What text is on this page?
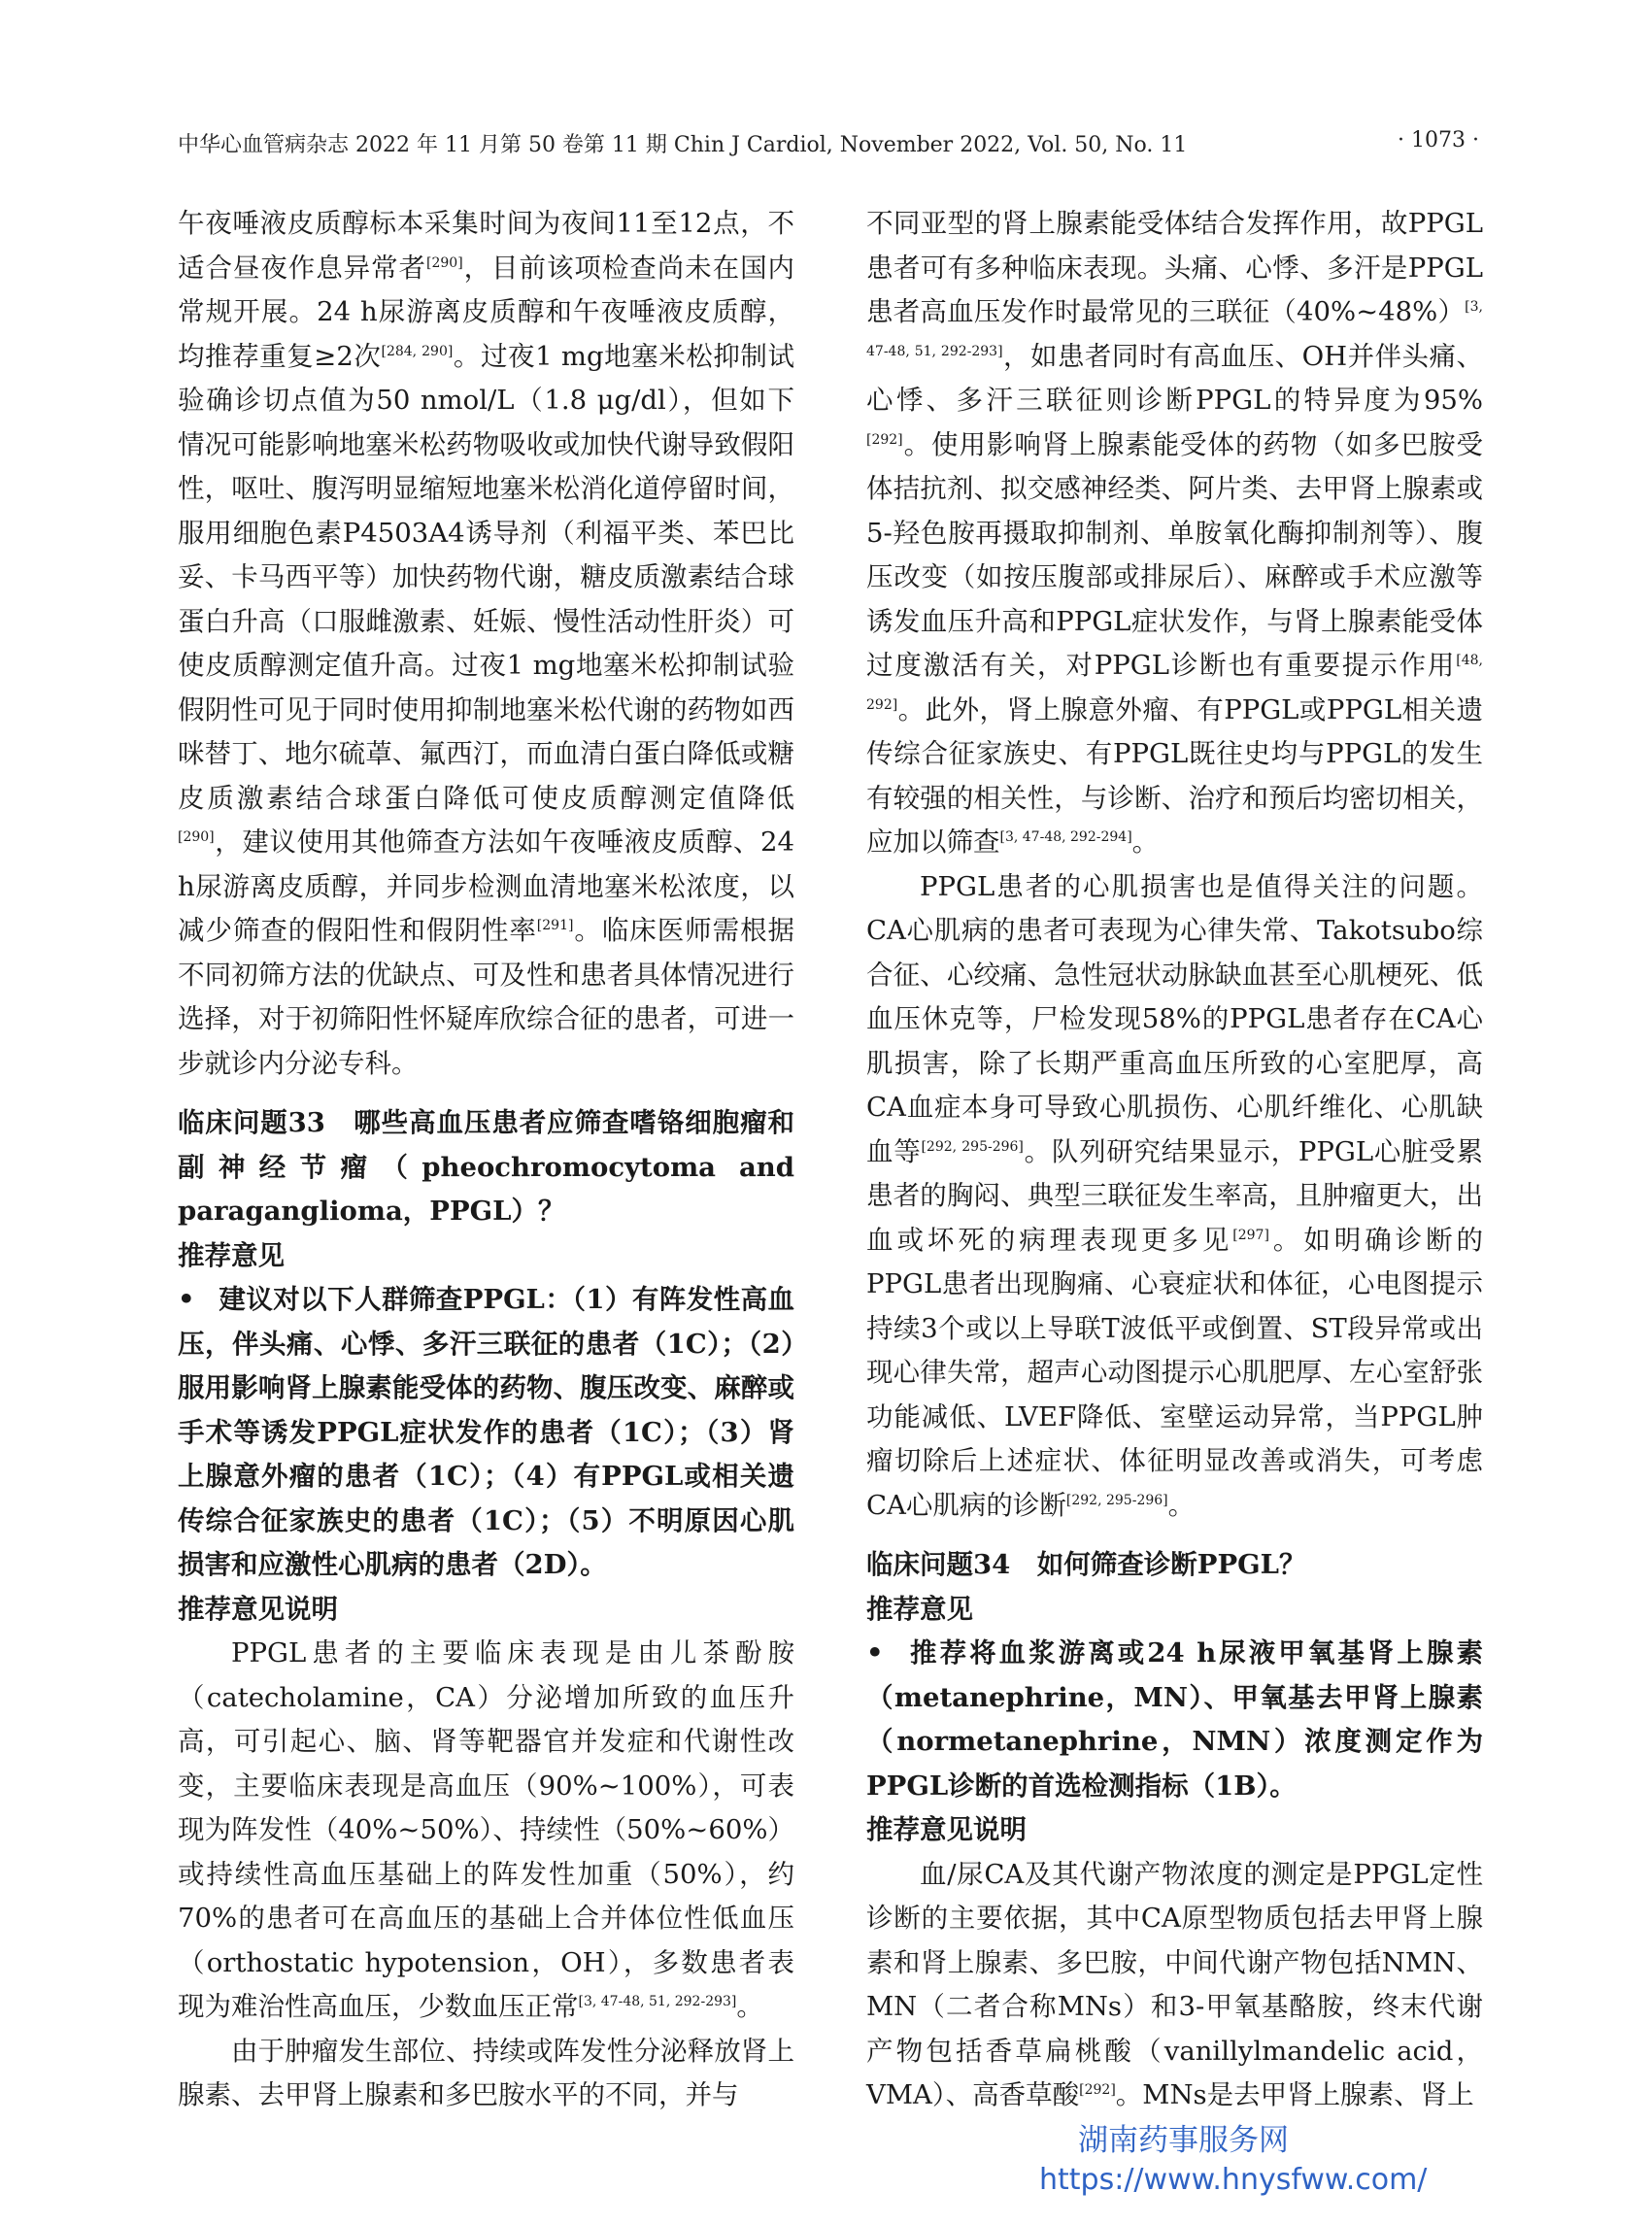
中华心血管病杂志 2022 年 11 月第 50 卷第 11 期 Chin J Cardiol, November 2022, Vol. 50, No. 11	· 1073 ·

午夜唾液皮质醇标本采集时间为夜间11至12点，不适合昼夜作息异常者[290]，目前该项检查尚未在国内常规开展。24 h尿游离皮质醇和午夜唾液皮质醇，均推荐重复≥2次[284, 290]。过夜1 mg地塞米松抑制试验确诊切点值为50 nmol/L（1.8 μg/dl），但如下情况可能影响地塞米松药物吸收或加快代谢导致假阳性，呕吐、腹泻明显缩短地塞米松消化道停留时间，服用细胞色素P4503A4诱导剂（利福平类、苯巴比妥、卡马西平等）加快药物代谢，糖皮质激素结合球蛋白升高（口服雌激素、妊娠、慢性活动性肝炎）可使皮质醇测定值升高。过夜1 mg地塞米松抑制试验假阴性可见于同时使用抑制地塞米松代谢的药物如西咪替丁、地尔硫䓬、氟西汀，而血清白蛋白降低或糖皮质激素结合球蛋白降低可使皮质醇测定值降低[290]，建议使用其他筛查方法如午夜唾液皮质醇、24 h尿游离皮质醇，并同步检测血清地塞米松浓度，以减少筛查的假阳性和假阴性率[291]。临床医师需根据不同初筛方法的优缺点、可及性和患者具体情况进行选择，对于初筛阳性怀疑库欣综合征的患者，可进一步就诊内分泌专科。

临床问题33　哪些高血压患者应筛查嗜铬细胞瘤和副神经节瘤（pheochromocytoma and paraganglioma，PPGL）？

推荐意见

• 建议对以下人群筛查PPGL：（1）有阵发性高血压，伴头痛、心悸、多汗三联征的患者（1C）；（2）服用影响肾上腺素能受体的药物、腹压改变、麻醉或手术等诱发PPGL症状发作的患者（1C）；（3）肾上腺意外瘤的患者（1C）；（4）有PPGL或相关遗传综合征家族史的患者（1C）；（5）不明原因心肌损害和应激性心肌病的患者（2D）。

推荐意见说明

PPGL患者的主要临床表现是由儿茶酚胺（catecholamine，CA）分泌增加所致的血压升高，可引起心、脑、肾等靶器官并发症和代谢性改变，主要临床表现是高血压（90%~100%），可表现为阵发性（40%~50%）、持续性（50%~60%）或持续性高血压基础上的阵发性加重（50%），约70%的患者可在高血压的基础上合并体位性低血压（orthostatic hypotension，OH），多数患者表现为难治性高血压，少数血压正常[3, 47-48, 51, 292-293]。

由于肿瘤发生部位、持续或阵发性分泌释放肾上腺素、去甲肾上腺素和多巴胺水平的不同，并与

不同亚型的肾上腺素能受体结合发挥作用，故PPGL患者可有多种临床表现。头痛、心悸、多汗是PPGL患者高血压发作时最常见的三联征（40%~48%）[3, 47-48, 51, 292-293]，如患者同时有高血压、OH并伴头痛、心悸、多汗三联征则诊断PPGL的特异度为95%[292]。使用影响肾上腺素能受体的药物（如多巴胺受体拮抗剂、拟交感神经类、阿片类、去甲肾上腺素或5-羟色胺再摄取抑制剂、单胺氧化酶抑制剂等）、腹压改变（如按压腹部或排尿后）、麻醉或手术应激等诱发血压升高和PPGL症状发作，与肾上腺素能受体过度激活有关，对PPGL诊断也有重要提示作用[48, 292]。此外，肾上腺意外瘤、有PPGL或PPGL相关遗传综合征家族史、有PPGL既往史均与PPGL的发生有较强的相关性，与诊断、治疗和预后均密切相关，应加以筛查[3, 47-48, 292-294]。

PPGL患者的心肌损害也是值得关注的问题。CA心肌病的患者可表现为心律失常、Takotsubo综合征、心绞痛、急性冠状动脉缺血甚至心肌梗死、低血压休克等，尸检发现58%的PPGL患者存在CA心肌损害，除了长期严重高血压所致的心室肥厚，高CA血症本身可导致心肌损伤、心肌纤维化、心肌缺血等[292, 295-296]。队列研究结果显示，PPGL心脏受累患者的胸闷、典型三联征发生率高，且肿瘤更大，出血或坏死的病理表现更多见[297]。如明确诊断的PPGL患者出现胸痛、心衰症状和体征，心电图提示持续3个或以上导联T波低平或倒置、ST段异常或出现心律失常，超声心动图提示心肌肥厚、左心室舒张功能减低、LVEF降低、室壁运动异常，当PPGL肿瘤切除后上述症状、体征明显改善或消失，可考虑CA心肌病的诊断[292, 295-296]。

临床问题34　如何筛查诊断PPGL？

推荐意见

• 推荐将血浆游离或24 h尿液甲氧基肾上腺素（metanephrine，MN）、甲氧基去甲肾上腺素（normetanephrine，NMN）浓度测定作为PPGL诊断的首选检测指标（1B）。

推荐意见说明

血/尿CA及其代谢产物浓度的测定是PPGL定性诊断的主要依据，其中CA原型物质包括去甲肾上腺素和肾上腺素、多巴胺，中间代谢产物包括NMN、MN（二者合称MNs）和3-甲氧基酪胺，终末代谢产物包括香草扁桃酸（vanillylmandelic acid，VMA）、高香草酸[292]。MNs是去甲肾上腺素、肾上

湖南药事服务网
https://www.hnysfww.com/
